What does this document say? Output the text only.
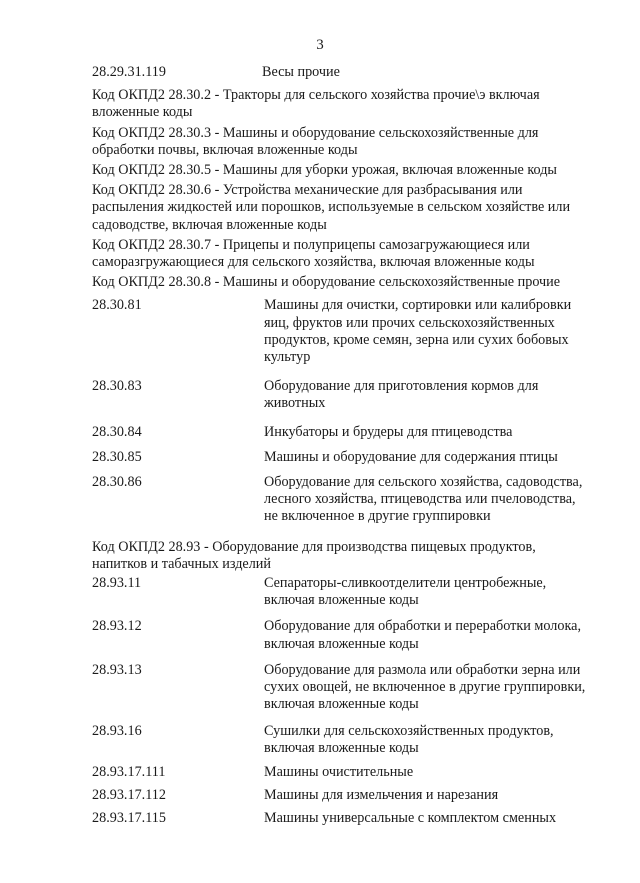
3
28.29.31.119	Весы прочие
Код ОКПД2 28.30.2 - Тракторы для сельского хозяйства прочие\э включая вложенные коды
Код ОКПД2 28.30.3 - Машины и оборудование сельскохозяйственные для обработки почвы, включая вложенные коды
Код ОКПД2 28.30.5 - Машины для уборки урожая, включая вложенные коды
Код ОКПД2 28.30.6 - Устройства механические для разбрасывания или распыления жидкостей или порошков, используемые в сельском хозяйстве или садоводстве, включая вложенные коды
Код ОКПД2 28.30.7 - Прицепы и полуприцепы самозагружающиеся или саморазгружающиеся для сельского хозяйства, включая вложенные коды
Код ОКПД2 28.30.8 - Машины и оборудование сельскохозяйственные прочие
28.30.81	Машины для очистки, сортировки или калибровки яиц, фруктов или прочих сельскохозяйственных продуктов, кроме семян, зерна или сухих бобовых культур
28.30.83	Оборудование для приготовления кормов для животных
28.30.84	Инкубаторы и брудеры для птицеводства
28.30.85	Машины и оборудование для содержания птицы
28.30.86	Оборудование для сельского хозяйства, садоводства, лесного хозяйства, птицеводства или пчеловодства, не включенное в другие группировки
Код ОКПД2 28.93 - Оборудование для производства пищевых продуктов, напитков и табачных изделий
28.93.11	Сепараторы-сливкоотделители центробежные, включая вложенные коды
28.93.12	Оборудование для обработки и переработки молока, включая вложенные коды
28.93.13	Оборудование для размола или обработки зерна или сухих овощей, не включенное в другие группировки, включая вложенные коды
28.93.16	Сушилки для сельскохозяйственных продуктов, включая вложенные коды
28.93.17.111	Машины очистительные
28.93.17.112	Машины для измельчения и нарезания
28.93.17.115	Машины универсальные с комплектом сменных
